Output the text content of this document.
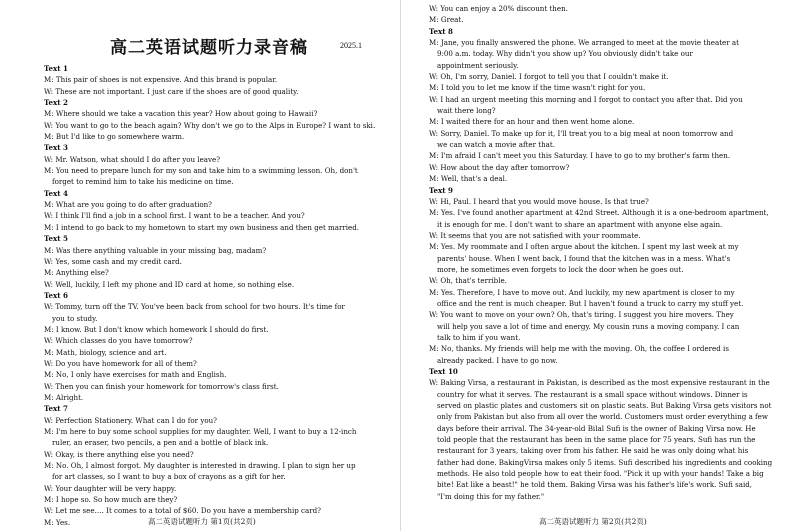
高二英语试题听力录音稿	2025.1
Text 1
M: This pair of shoes is not expensive. And this brand is popular.
W: These are not important. I just care if the shoes are of good quality.
Text 2
M: Where should we take a vacation this year? How about going to Hawaii?
W: You want to go to the beach again? Why don't we go to the Alps in Europe? I want to ski.
M: But I'd like to go somewhere warm.
Text 3
W: Mr. Watson, what should I do after you leave?
M: You need to prepare lunch for my son and take him to a swimming lesson. Oh, don't
forget to remind him to take his medicine on time.
Text 4
M: What are you going to do after graduation?
W: I think I'll find a job in a school first. I want to be a teacher. And you?
M: I intend to go back to my hometown to start my own business and then get married.
Text 5
M: Was there anything valuable in your missing bag, madam?
W: Yes, some cash and my credit card.
M: Anything else?
W: Well, luckily, I left my phone and ID card at home, so nothing else.
Text 6
W: Tommy, turn off the TV. You've been back from school for two hours. It's time for
you to study.
M: I know. But I don't know which homework I should do first.
W: Which classes do you have tomorrow?
M: Math, biology, science and art.
W: Do you have homework for all of them?
M: No, I only have exercises for math and English.
W: Then you can finish your homework for tomorrow's class first.
M: Alright.
Text 7
W: Perfection Stationery. What can I do for you?
M: I'm here to buy some school supplies for my daughter. Well, I want to buy a 12-inch
ruler, an eraser, two pencils, a pen and a bottle of black ink.
W: Okay, is there anything else you need?
M: No. Oh, I almost forgot. My daughter is interested in drawing. I plan to sign her up
for art classes, so I want to buy a box of crayons as a gift for her.
W: Your daughter will be very happy.
M: I hope so. So how much are they?
W: Let me see…. It comes to a total of $60. Do you have a membership card?
M: Yes.	高二英语试题听力 第1页(共2页)
W: You can enjoy a 20% discount then.
M: Great.
Text 8
M: Jane, you finally answered the phone. We arranged to meet at the movie theater at
9:00 a.m. today. Why didn't you show up? You obviously didn't take our
appointment seriously.
W: Oh, I'm sorry, Daniel. I forgot to tell you that I couldn't make it.
M: I told you to let me know if the time wasn't right for you.
W: I had an urgent meeting this morning and I forgot to contact you after that. Did you
wait there long?
M: I waited there for an hour and then went home alone.
W: Sorry, Daniel. To make up for it, I'll treat you to a big meal at noon tomorrow and
we can watch a movie after that.
M: I'm afraid I can't meet you this Saturday. I have to go to my brother's farm then.
W: How about the day after tomorrow?
M: Well, that's a deal.
Text 9
W: Hi, Paul. I heard that you would move house. Is that true?
M: Yes. I've found another apartment at 42nd Street. Although it is a one-bedroom apartment,
it is enough for me. I don't want to share an apartment with anyone else again.
W: It seems that you are not satisfied with your roommate.
M: Yes. My roommate and I often argue about the kitchen. I spent my last week at my
parents' house. When I went back, I found that the kitchen was in a mess. What's
more, he sometimes even forgets to lock the door when he goes out.
W: Oh, that's terrible.
M: Yes. Therefore, I have to move out. And luckily, my new apartment is closer to my
office and the rent is much cheaper. But I haven't found a truck to carry my stuff yet.
W: You want to move on your own? Oh, that's tiring. I suggest you hire movers. They
will help you save a lot of time and energy. My cousin runs a moving company. I can
talk to him if you want.
M: No, thanks. My friends will help me with the moving. Oh, the coffee I ordered is
already packed. I have to go now.
Text 10
W: Baking Virsa, a restaurant in Pakistan, is described as the most expensive restaurant in the
country for what it serves. The restaurant is a small space without windows. Dinner is
served on plastic plates and customers sit on plastic seats. But Baking Virsa gets visitors not
only from Pakistan but also from all over the world. Customers must order everything a few
days before their arrival. The 34-year-old Bilal Sufi is the owner of Baking Virsa now. He
told people that the restaurant has been in the same place for 75 years. Sufi has run the
restaurant for 3 years, taking over from his father. He said he was only doing what his
father had done. BakingVirsa makes only 5 items. Sufi described his ingredients and cooking
methods. He also told people how to eat their food. "Pick it up with your hands! Take a big
bite! Eat like a beast!" he told them. Baking Virsa was his father's life's work. Sufi said,
"I'm doing this for my father."
高二英语试题听力 第2页(共2页)
